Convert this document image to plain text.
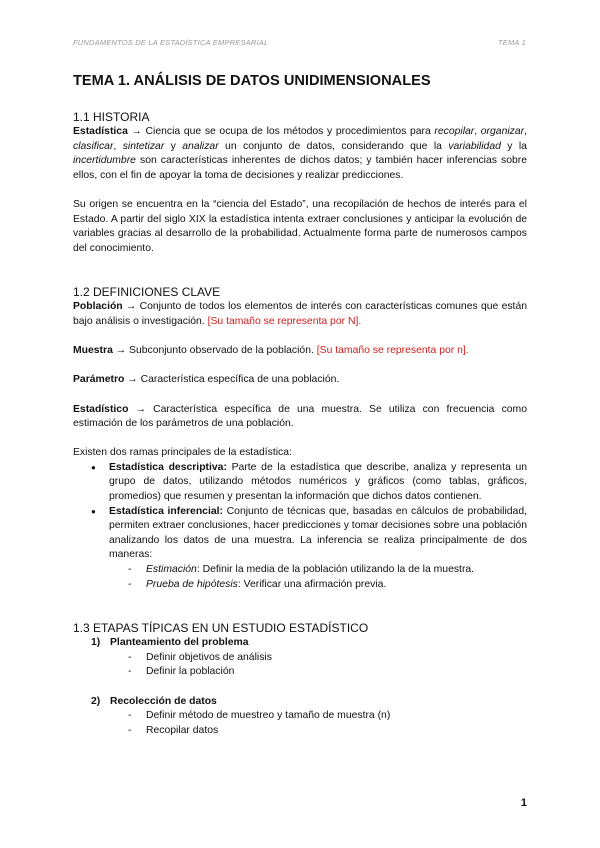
FUNDAMENTOS DE LA ESTADÍSTICA EMPRESARIAL	TEMA 1
TEMA 1. ANÁLISIS DE DATOS UNIDIMENSIONALES
1.1 HISTORIA

Estadística → Ciencia que se ocupa de los métodos y procedimientos para recopilar, organizar, clasificar, sintetizar y analizar un conjunto de datos, considerando que la variabilidad y la incertidumbre son características inherentes de dichos datos; y también hacer inferencias sobre ellos, con el fin de apoyar la toma de decisiones y realizar predicciones.

Su origen se encuentra en la “ciencia del Estado”, una recopilación de hechos de interés para el Estado. A partir del siglo XIX la estadística intenta extraer conclusiones y anticipar la evolución de variables gracias al desarrollo de la probabilidad. Actualmente forma parte de numerosos campos del conocimiento.

1.2 DEFINICIONES CLAVE

Población → Conjunto de todos los elementos de interés con características comunes que están bajo análisis o investigación. [Su tamaño se representa por N].

Muestra → Subconjunto observado de la población. [Su tamaño se representa por n].

Parámetro → Característica específica de una población.

Estadístico → Característica específica de una muestra. Se utiliza con frecuencia como estimación de los parámetros de una población.

Existen dos ramas principales de la estadística:

● Estadística descriptiva: Parte de la estadística que describe, analiza y representa un grupo de datos, utilizando métodos numéricos y gráficos (como tablas, gráficos, promedios) que resumen y presentan la información que dichos datos contienen.
● Estadística inferencial: Conjunto de técnicas que, basadas en cálculos de probabilidad, permiten extraer conclusiones, hacer predicciones y tomar decisiones sobre una población analizando los datos de una muestra. La inferencia se realiza principalmente de dos maneras:
- Estimación: Definir la media de la población utilizando la de la muestra.
- Prueba de hipótesis: Verificar una afirmación previa.
1.3 ETAPAS TÍPICAS EN UN ESTUDIO ESTADÍSTICO
1) Planteamiento del problema
- Definir objetivos de análisis
- Definir la población
2) Recolección de datos
- Definir método de muestreo y tamaño de muestra (n)
- Recopilar datos
1
